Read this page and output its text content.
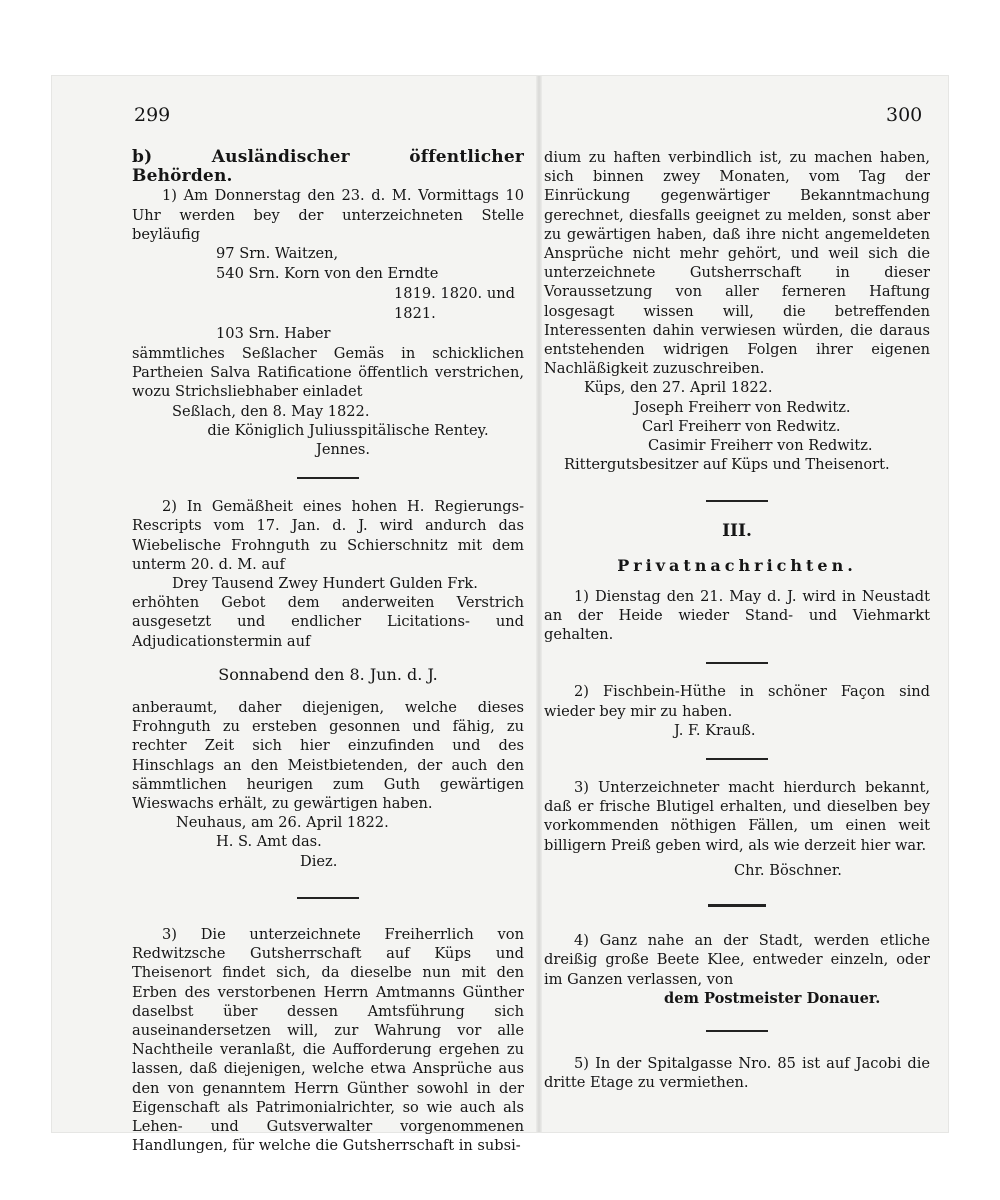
299	300

b) Ausländischer öffentlicher Behörden.

1) Am Donnerstag den 23. d. M. Vormittags 10 Uhr werden bey der unterzeichneten Stelle beyläufig

97 Srn. Waitzen,
540 Srn. Korn von den Erndte
1819. 1820. und 1821.
103 Srn. Haber

sämmtliches Seßlacher Gemäs in schicklichen Partheien Salva Ratificatione öffentlich verstrichen, wozu Strichsliebhaber einladet

Seßlach, den 8. May 1822.

die Königlich Juliusspitälische Rentey.

Jennes.

2) In Gemäßheit eines hohen H. Regierungs-Rescripts vom 17. Jan. d. J. wird andurch das Wiebelische Frohnguth zu Schierschnitz mit dem unterm 20. d. M. auf

Drey Tausend Zwey Hundert Gulden Frk.

erhöhten Gebot dem anderweiten Verstrich ausgesetzt und endlicher Licitations- und Adjudicationstermin auf

Sonnabend den 8. Jun. d. J.

anberaumt, daher diejenigen, welche dieses Frohnguth zu ersteben gesonnen und fähig, zu rechter Zeit sich hier einzufinden und des Hinschlags an den Meistbietenden, der auch den sämmtlichen heurigen zum Guth gewärtigen Wieswachs erhält, zu gewärtigen haben.

Neuhaus, am 26. April 1822.

H. S. Amt das.

Diez.

3) Die unterzeichnete Freiherrlich von Redwitzsche Gutsherrschaft auf Küps und Theisenort findet sich, da dieselbe nun mit den Erben des verstorbenen Herrn Amtmanns Günther daselbst über dessen Amtsführung sich auseinandersetzen will, zur Wahrung vor alle Nachtheile veranlaßt, die Aufforderung ergehen zu lassen, daß diejenigen, welche etwa Ansprüche aus den von genanntem Herrn Günther sowohl in der Eigenschaft als Patrimonialrichter, so wie auch als Lehen- und Gutsverwalter vorgenommenen Handlungen, für welche die Gutsherrschaft in subsi-

dium zu haften verbindlich ist, zu machen haben, sich binnen zwey Monaten, vom Tag der Einrückung gegenwärtiger Bekanntmachung gerechnet, diesfalls geeignet zu melden, sonst aber zu gewärtigen haben, daß ihre nicht angemeldeten Ansprüche nicht mehr gehört, und weil sich die unterzeichnete Gutsherrschaft in dieser Voraussetzung von aller ferneren Haftung losgesagt wissen will, die betreffenden Interessenten dahin verwiesen würden, die daraus entstehenden widrigen Folgen ihrer eigenen Nachläßigkeit zuzuschreiben.

Küps, den 27. April 1822.

Joseph Freiherr von Redwitz.

Carl Freiherr von Redwitz.

Casimir Freiherr von Redwitz.

Rittergutsbesitzer auf Küps und Theisenort.

III.
Privatnachrichten.

1) Dienstag den 21. May d. J. wird in Neustadt an der Heide wieder Stand- und Viehmarkt gehalten.

2) Fischbein-Hüthe in schöner Façon sind wieder bey mir zu haben.

J. F. Krauß.

3) Unterzeichneter macht hierdurch bekannt, daß er frische Blutigel erhalten, und dieselben bey vorkommenden nöthigen Fällen, um einen weit billigern Preiß geben wird, als wie derzeit hier war.

Chr. Böschner.

4) Ganz nahe an der Stadt, werden etliche dreißig große Beete Klee, entweder einzeln, oder im Ganzen verlassen, von

dem Postmeister Donauer.

5) In der Spitalgasse Nro. 85 ist auf Jacobi die dritte Etage zu vermiethen.
